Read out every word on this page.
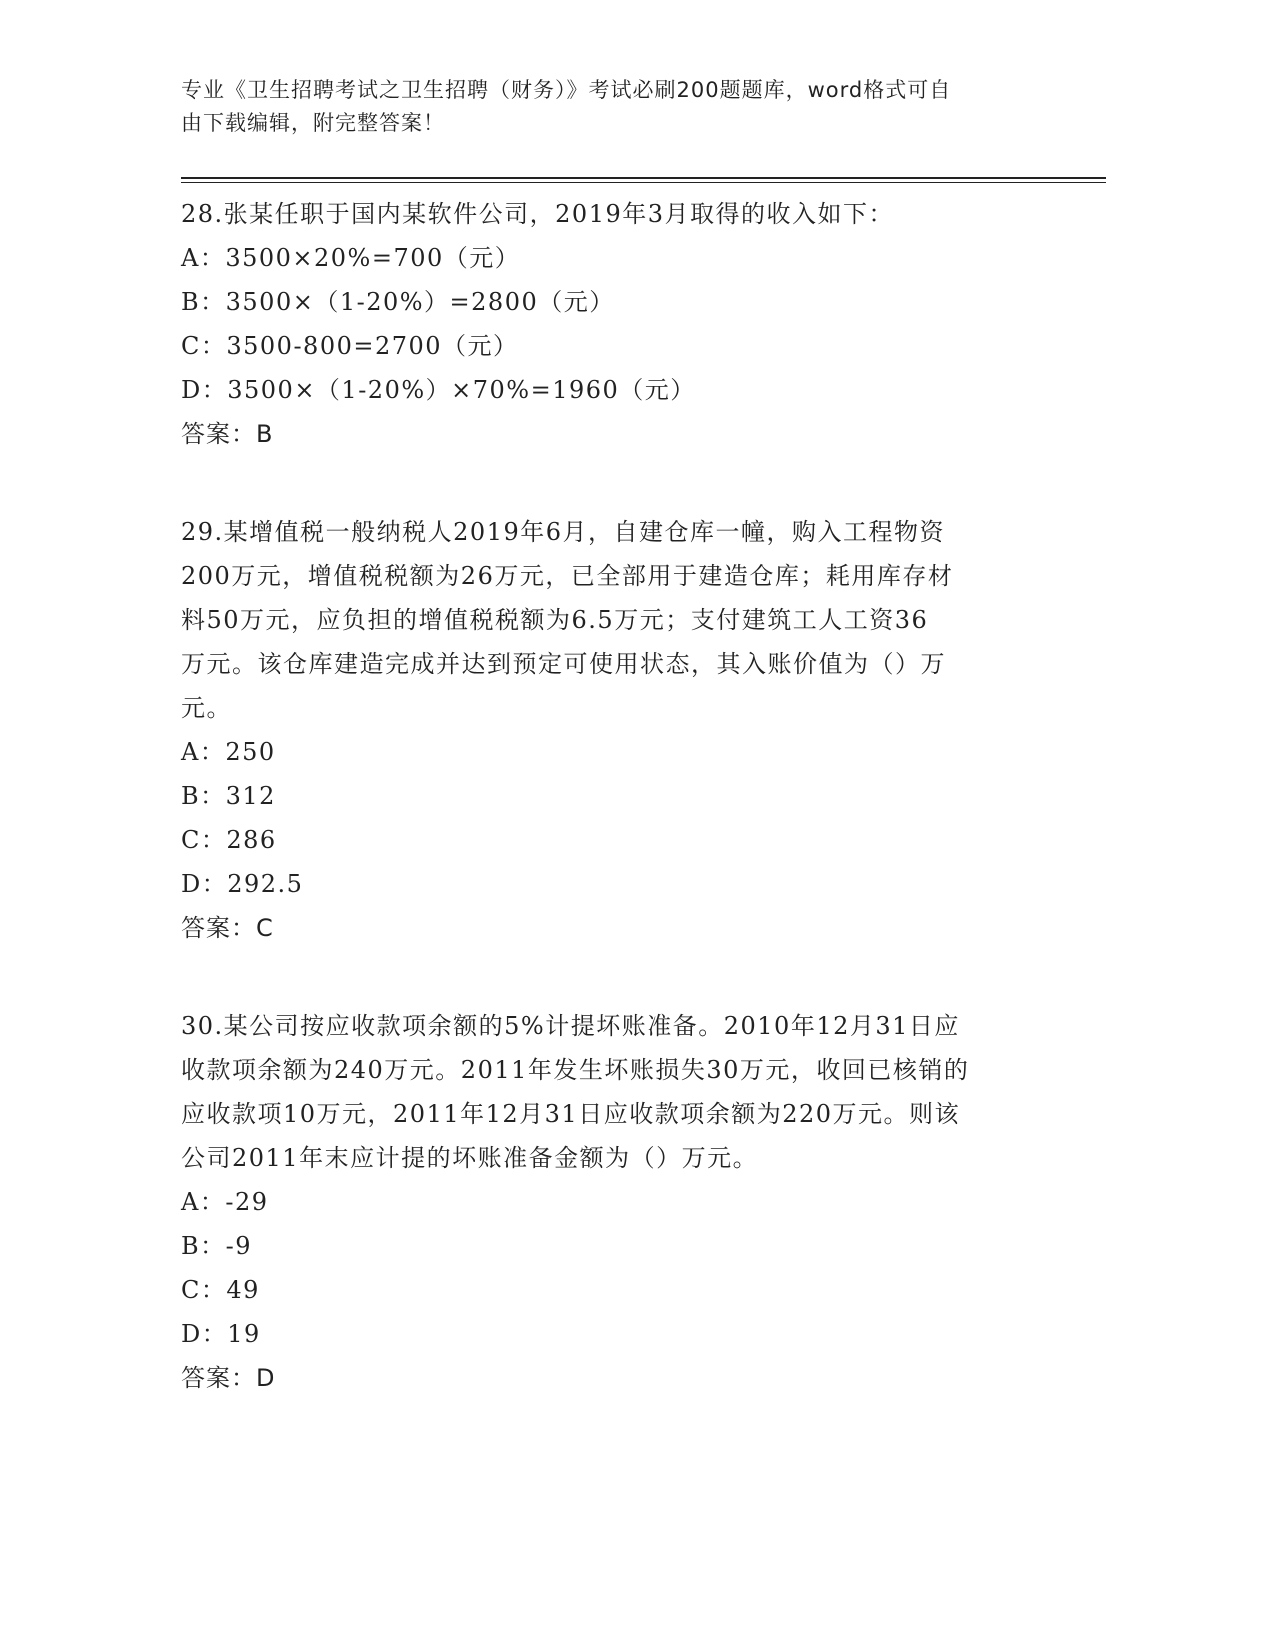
专业《卫生招聘考试之卫生招聘（财务）》考试必刷200题题库，word格式可自
由下载编辑，附完整答案！

28.张某任职于国内某软件公司，2019年3月取得的收入如下：

A：3500×20%=700（元）

B：3500×（1-20%）=2800（元）

C：3500-800=2700（元）

D：3500×（1-20%）×70%=1960（元）

答案：B

29.某增值税一般纳税人2019年6月，自建仓库一幢，购入工程物资

200万元，增值税税额为26万元，已全部用于建造仓库；耗用库存材

料50万元，应负担的增值税税额为6.5万元；支付建筑工人工资36

万元。该仓库建造完成并达到预定可使用状态，其入账价值为（）万

元。

A：250

B：312

C：286

D：292.5

答案：C

30.某公司按应收款项余额的5%计提坏账准备。2010年12月31日应

收款项余额为240万元。2011年发生坏账损失30万元，收回已核销的

应收款项10万元，2011年12月31日应收款项余额为220万元。则该

公司2011年末应计提的坏账准备金额为（）万元。

A：-29

B：-9

C：49

D：19

答案：D
